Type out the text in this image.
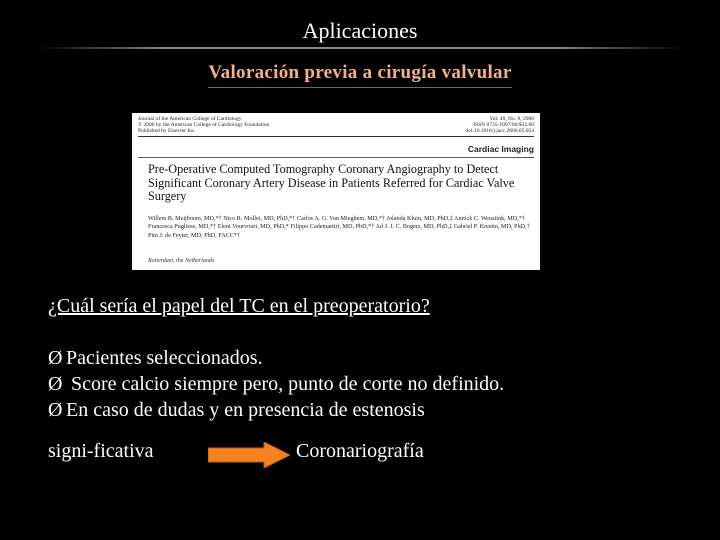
Aplicaciones
Valoración previa a cirugía valvular
Journal of the American College of Cardiology
© 2006 by the American College of Cardiology Foundation
Published by Elsevier Inc.
Vol. 48, No. 8, 2006
ISSN 0735-1097/06/$32.00
doi:10.1016/j.jacc.2006.05.054
Cardiac Imaging
Pre-Operative Computed Tomography Coronary Angiography to Detect Significant Coronary Artery Disease in Patients Referred for Cardiac Valve Surgery
Willem B. Meijboom, MD,*† Nico R. Mollet, MD, PhD,*† Carlos A. G. Van Mieghem, MD,*† Jolanda Kluin, MD, PhD,‡ Annick C. Weustink, MD,*† Francesca Pugliese, MD,*† Eleni Vourvouri, MD, PhD,* Filippo Cademartiri, MD, PhD,*† Ad J. J. C. Bogers, MD, PhD,‡ Gabriel P. Krestin, MD, PhD,† Pim J. de Feyter, MD, PhD, FACC*†
Rotterdam, the Netherlands
¿Cuál sería el papel del TC en el preoperatorio?
Ø Pacientes seleccionados.
Ø Score calcio siempre pero, punto de corte no definido.
Ø En caso de dudas y en presencia de estenosis
signi-ficativa	Coronariografía
